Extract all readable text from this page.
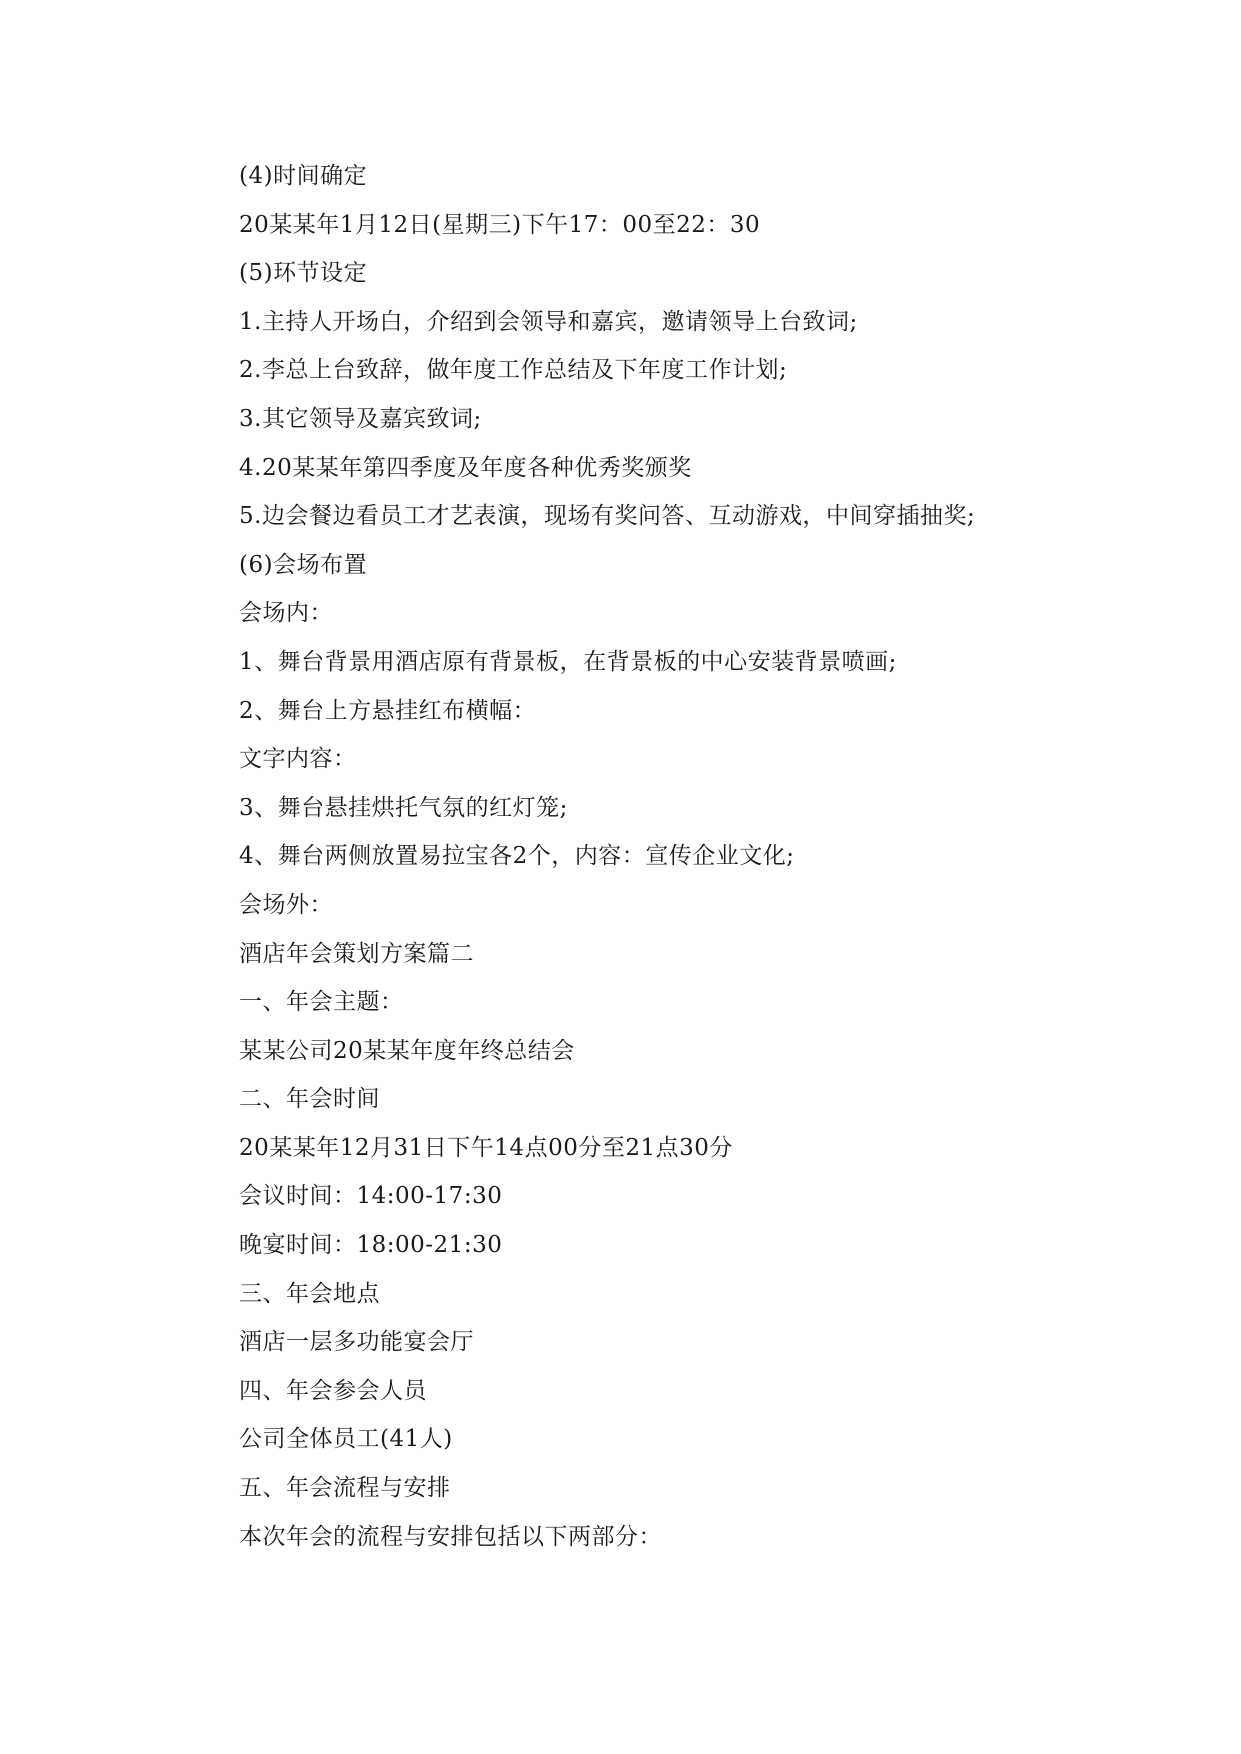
(4)时间确定
20某某年1月12日(星期三)下午17：00至22：30
(5)环节设定
1.主持人开场白，介绍到会领导和嘉宾，邀请领导上台致词;
2.李总上台致辞，做年度工作总结及下年度工作计划;
3.其它领导及嘉宾致词;
4.20某某年第四季度及年度各种优秀奖颁奖
5.边会餐边看员工才艺表演，现场有奖问答、互动游戏，中间穿插抽奖;
(6)会场布置
会场内：
1、舞台背景用酒店原有背景板，在背景板的中心安装背景喷画;
2、舞台上方悬挂红布横幅：
文字内容：
3、舞台悬挂烘托气氛的红灯笼;
4、舞台两侧放置易拉宝各2个，内容：宣传企业文化;
会场外：
酒店年会策划方案篇二
一、年会主题：
某某公司20某某年度年终总结会
二、年会时间
20某某年12月31日下午14点00分至21点30分
会议时间：14:00-17:30
晚宴时间：18:00-21:30
三、年会地点
酒店一层多功能宴会厅
四、年会参会人员
公司全体员工(41人)
五、年会流程与安排
本次年会的流程与安排包括以下两部分：
